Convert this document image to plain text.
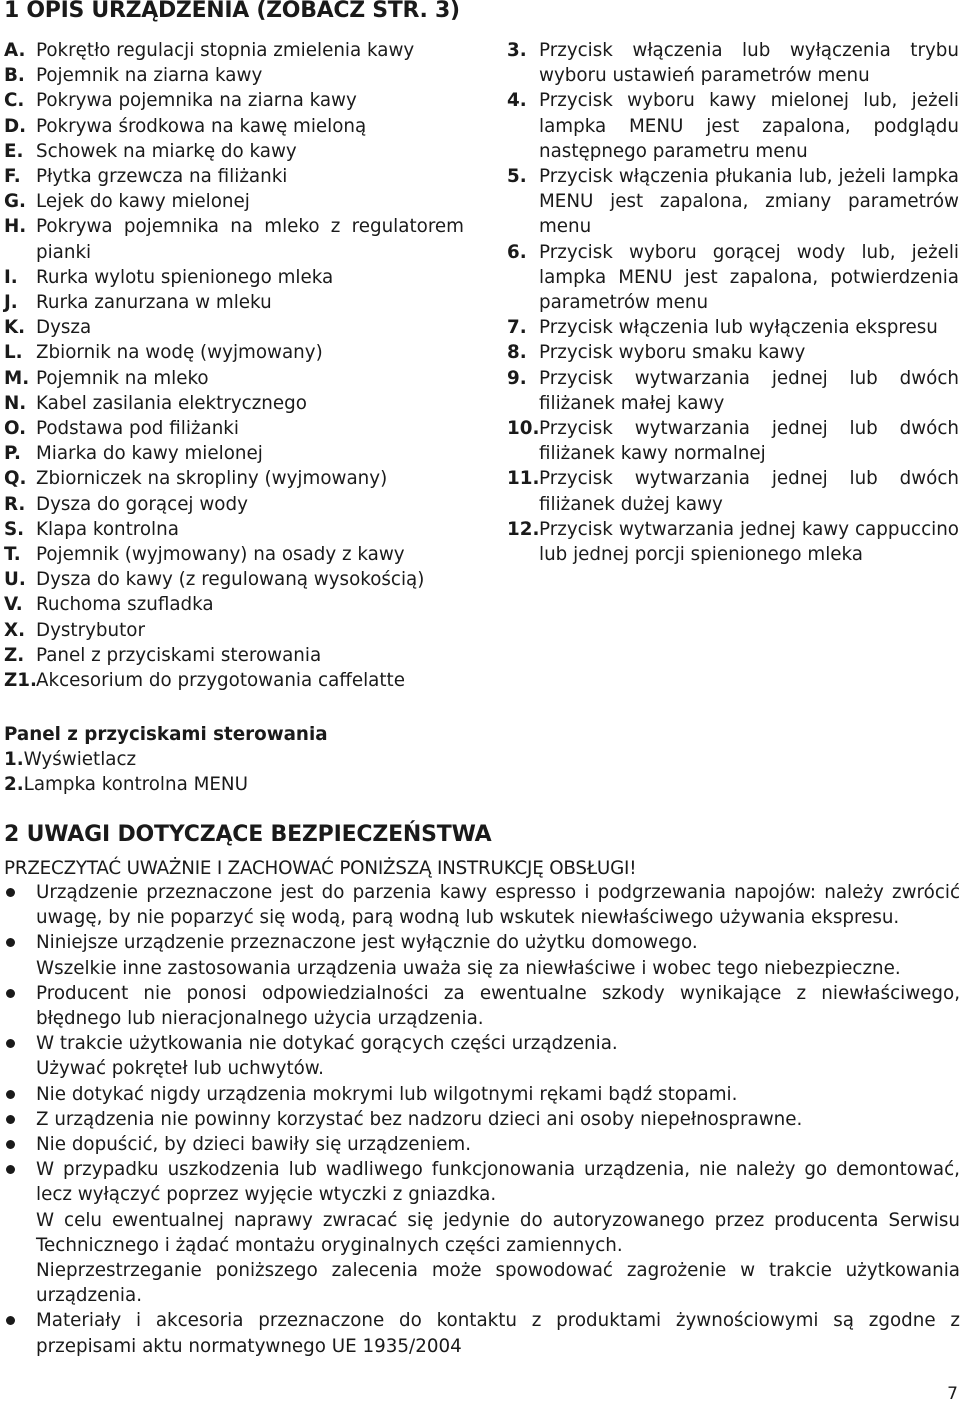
1 OPIS URZĄDZENIA (ZOBACZ STR. 3)
A. Pokrętło regulacji stopnia zmielenia kawy
B. Pojemnik na ziarna kawy
C. Pokrywa pojemnika na ziarna kawy
D. Pokrywa środkowa na kawę mieloną
E. Schowek na miarkę do kawy
F. Płytka grzewcza na filiżanki
G. Lejek do kawy mielonej
H. Pokrywa pojemnika na mleko z regulatorem pianki
I. Rurka wylotu spienionego mleka
J. Rurka zanurzana w mleku
K. Dysza
L. Zbiornik na wodę (wyjmowany)
M. Pojemnik na mleko
N. Kabel zasilania elektrycznego
O. Podstawa pod filiżanki
P. Miarka do kawy mielonej
Q. Zbiorniczek na skropliny (wyjmowany)
R. Dysza do gorącej wody
S. Klapa kontrolna
T. Pojemnik (wyjmowany) na osady z kawy
U. Dysza do kawy (z regulowaną wysokością)
V. Ruchoma szufladka
X. Dystrybutor
Z. Panel z przyciskami sterowania
Z1. Akcesorium do przygotowania caffelatte
Panel z przyciskami sterowania
1. Wyświetlacz
2. Lampka kontrolna MENU
3. Przycisk włączenia lub wyłączenia trybu wyboru ustawień parametrów menu
4. Przycisk wyboru kawy mielonej lub, jeżeli lampka MENU jest zapalona, podglądu następnego parametru menu
5. Przycisk włączenia płukania lub, jeżeli lampka MENU jest zapalona, zmiany parametrów menu
6. Przycisk wyboru gorącej wody lub, jeżeli lampka MENU jest zapalona, potwierdzenia parametrów menu
7. Przycisk włączenia lub wyłączenia ekspresu
8. Przycisk wyboru smaku kawy
9. Przycisk wytwarzania jednej lub dwóch filiżanek małej kawy
10. Przycisk wytwarzania jednej lub dwóch filiżanek kawy normalnej
11. Przycisk wytwarzania jednej lub dwóch filiżanek dużej kawy
12. Przycisk wytwarzania jednej kawy cappuccino lub jednej porcji spienionego mleka
2 UWAGI DOTYCZĄCE BEZPIECZEŃSTWA
PRZECZYTAĆ UWAŻNIE I ZACHOWAĆ PONIŻSZĄ INSTRUKCJĘ OBSŁUGI!

Urządzenie przeznaczone jest do parzenia kawy espresso i podgrzewania napojów: należy zwrócić uwagę, by nie poparzyć się wodą, parą wodną lub wskutek niewłaściwego używania ekspresu.

Niniejsze urządzenie przeznaczone jest wyłącznie do użytku domowego.

Wszelkie inne zastosowania urządzenia uważa się za niewłaściwe i wobec tego niebezpieczne.

Producent nie ponosi odpowiedzialności za ewentualne szkody wynikające z niewłaściwego, błędnego lub nieracjonalnego użycia urządzenia.

W trakcie użytkowania nie dotykać gorących części urządzenia.

Używać pokręteł lub uchwytów.

Nie dotykać nigdy urządzenia mokrymi lub wilgotnymi rękami bądź stopami.

Z urządzenia nie powinny korzystać bez nadzoru dzieci ani osoby niepełnosprawne.

Nie dopuścić, by dzieci bawiły się urządzeniem.

W przypadku uszkodzenia lub wadliwego funkcjonowania urządzenia, nie należy go demontować, lecz wyłączyć poprzez wyjęcie wtyczki z gniazdka.

W celu ewentualnej naprawy zwracać się jedynie do autoryzowanego przez producenta Serwisu Technicznego i żądać montażu oryginalnych części zamiennych.

Nieprzestrzeganie poniższego zalecenia może spowodować zagrożenie w trakcie użytkowania urządzenia.

Materiały i akcesoria przeznaczone do kontaktu z produktami żywnościowymi są zgodne z przepisami aktu normatywnego UE 1935/2004

7
